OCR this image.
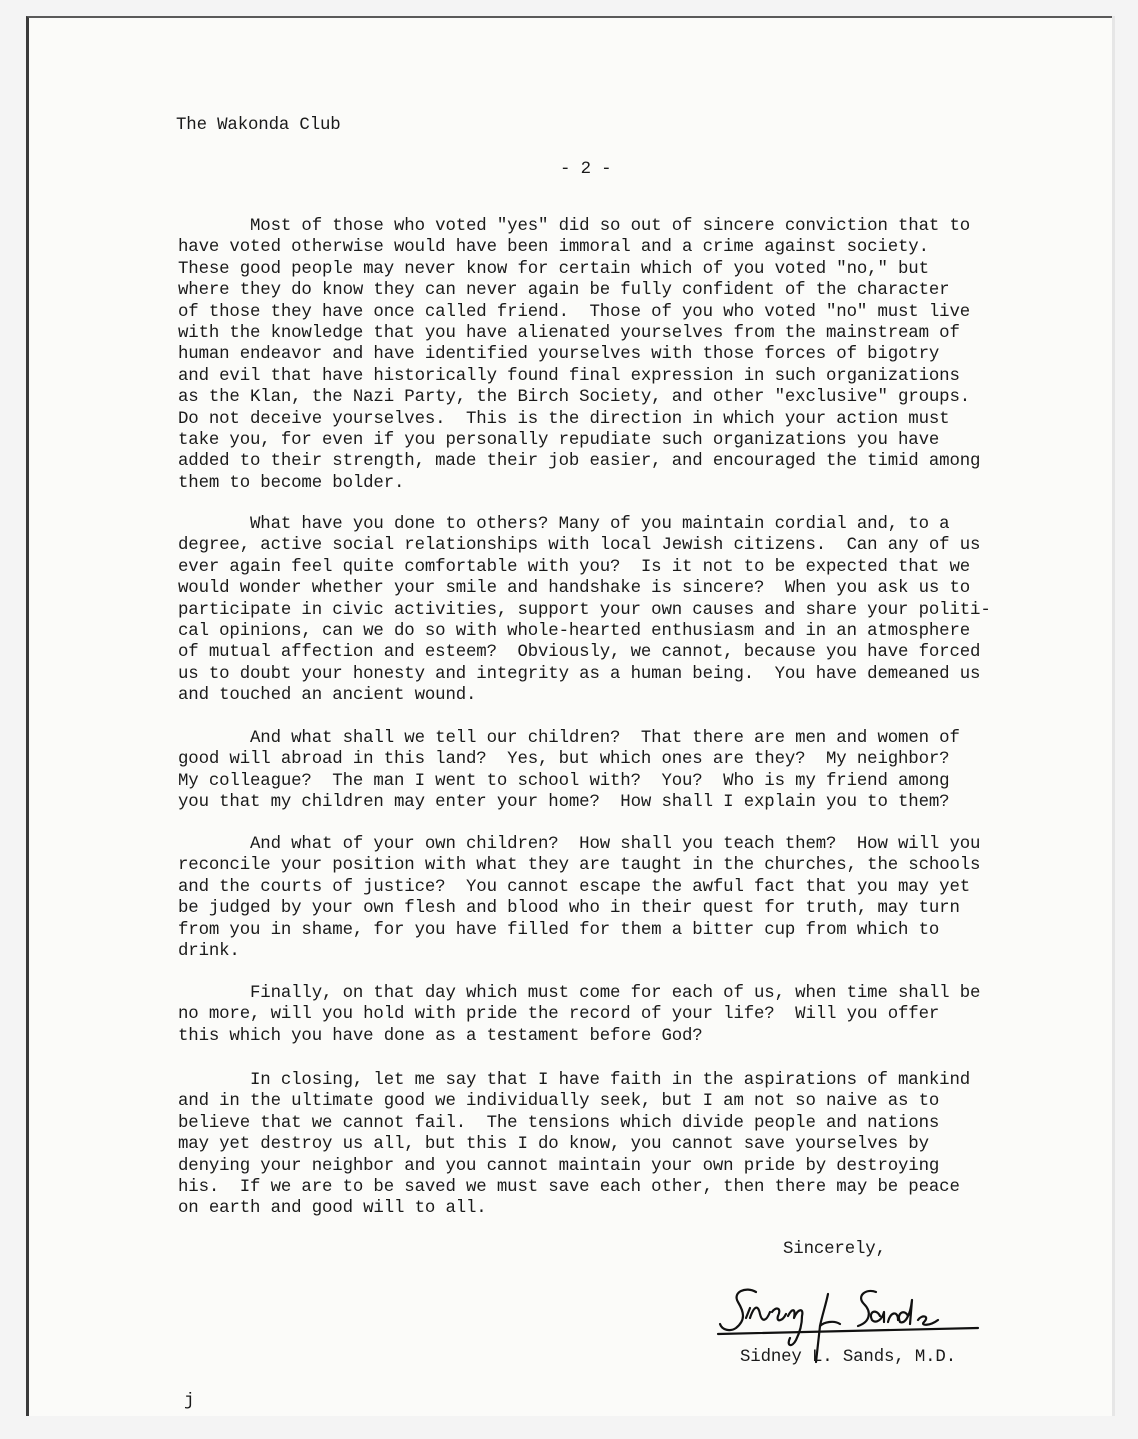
The Wakonda Club
- 2 -
Most of those who voted "yes" did so out of sincere conviction that to
have voted otherwise would have been immoral and a crime against society.
These good people may never know for certain which of you voted "no," but
where they do know they can never again be fully confident of the character
of those they have once called friend.  Those of you who voted "no" must live
with the knowledge that you have alienated yourselves from the mainstream of
human endeavor and have identified yourselves with those forces of bigotry
and evil that have historically found final expression in such organizations
as the Klan, the Nazi Party, the Birch Society, and other "exclusive" groups.
Do not deceive yourselves.  This is the direction in which your action must
take you, for even if you personally repudiate such organizations you have
added to their strength, made their job easier, and encouraged the timid among
them to become bolder.
What have you done to others? Many of you maintain cordial and, to a
degree, active social relationships with local Jewish citizens.  Can any of us
ever again feel quite comfortable with you?  Is it not to be expected that we
would wonder whether your smile and handshake is sincere?  When you ask us to
participate in civic activities, support your own causes and share your politi-
cal opinions, can we do so with whole-hearted enthusiasm and in an atmosphere
of mutual affection and esteem?  Obviously, we cannot, because you have forced
us to doubt your honesty and integrity as a human being.  You have demeaned us
and touched an ancient wound.
And what shall we tell our children?  That there are men and women of
good will abroad in this land?  Yes, but which ones are they?  My neighbor?
My colleague?  The man I went to school with?  You?  Who is my friend among
you that my children may enter your home?  How shall I explain you to them?
And what of your own children?  How shall you teach them?  How will you
reconcile your position with what they are taught in the churches, the schools
and the courts of justice?  You cannot escape the awful fact that you may yet
be judged by your own flesh and blood who in their quest for truth, may turn
from you in shame, for you have filled for them a bitter cup from which to
drink.
Finally, on that day which must come for each of us, when time shall be
no more, will you hold with pride the record of your life?  Will you offer
this which you have done as a testament before God?
In closing, let me say that I have faith in the aspirations of mankind
and in the ultimate good we individually seek, but I am not so naive as to
believe that we cannot fail.  The tensions which divide people and nations
may yet destroy us all, but this I do know, you cannot save yourselves by
denying your neighbor and you cannot maintain your own pride by destroying
his.  If we are to be saved we must save each other, then there may be peace
on earth and good will to all.
Sincerely,
Sidney L. Sands, M.D.
j
